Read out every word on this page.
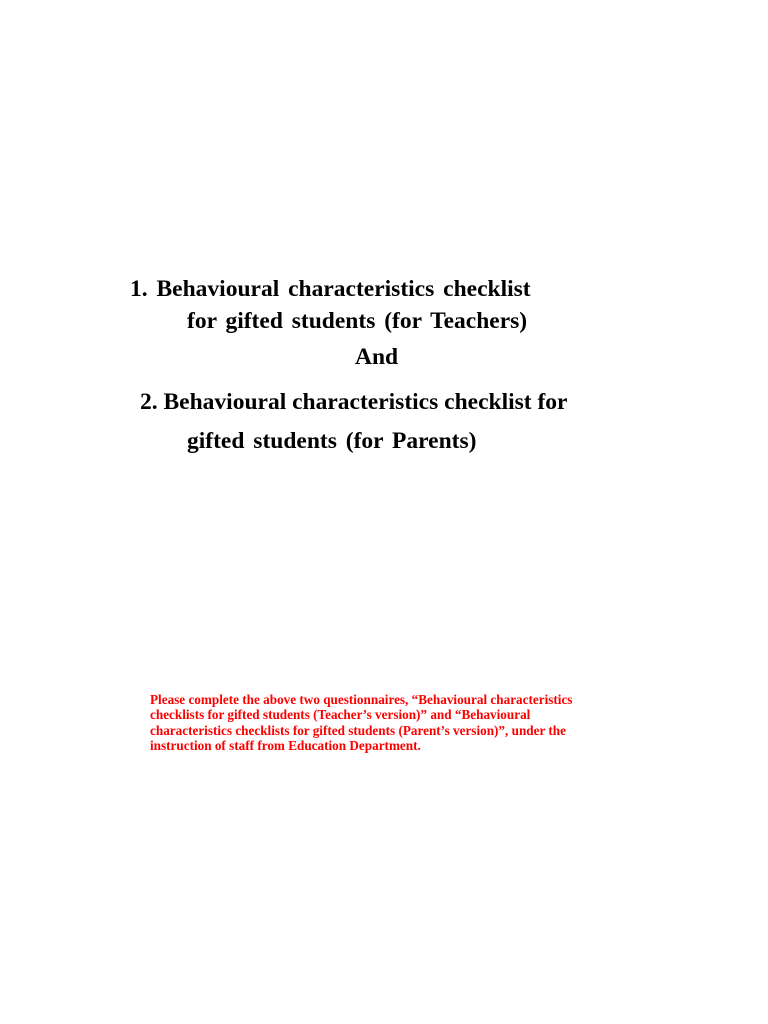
1. Behavioural characteristics checklist
for gifted students (for Teachers)
And
2. Behavioural characteristics checklist for
gifted students (for Parents)
Please complete the above two questionnaires, “Behavioural characteristics
checklists for gifted students (Teacher’s version)” and “Behavioural
characteristics checklists for gifted students (Parent’s version)”, under the
instruction of staff from Education Department.
